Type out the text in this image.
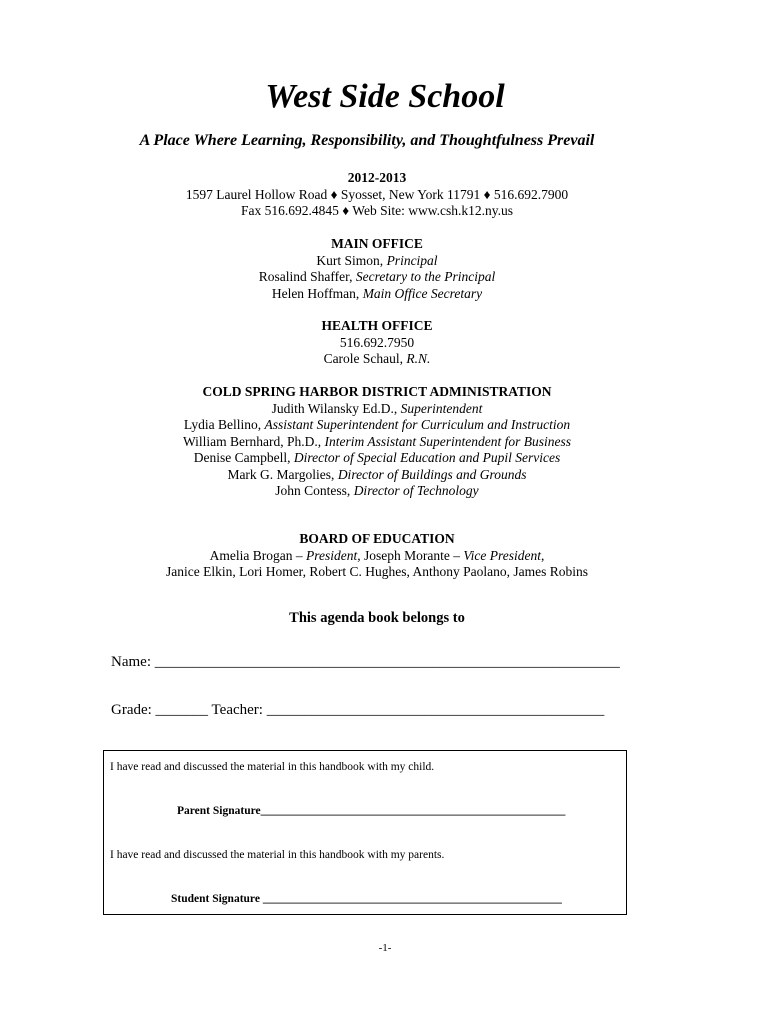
West Side School
A Place Where Learning, Responsibility, and Thoughtfulness Prevail
2012-2013
1597 Laurel Hollow Road ♦ Syosset, New York 11791 ♦ 516.692.7900
Fax 516.692.4845 ♦ Web Site: www.csh.k12.ny.us
MAIN OFFICE
Kurt Simon, Principal
Rosalind Shaffer, Secretary to the Principal
Helen Hoffman, Main Office Secretary
HEALTH OFFICE
516.692.7950
Carole Schaul, R.N.
COLD SPRING HARBOR DISTRICT ADMINISTRATION
Judith Wilansky Ed.D., Superintendent
Lydia Bellino, Assistant Superintendent for Curriculum and Instruction
William Bernhard, Ph.D., Interim Assistant Superintendent for Business
Denise Campbell, Director of Special Education and Pupil Services
Mark G. Margolies, Director of Buildings and Grounds
John Contess, Director of Technology
BOARD OF EDUCATION
Amelia Brogan – President, Joseph Morante – Vice President,
Janice Elkin, Lori Homer, Robert C. Hughes, Anthony Paolano, James Robins
This agenda book belongs to
Name: ______________________________________________________________
Grade: _______ Teacher: _____________________________________________
I have read and discussed the material in this handbook with my child.
Parent Signature_____________________________________________________
I have read and discussed the material in this handbook with my parents.
Student Signature ____________________________________________________
-1-
